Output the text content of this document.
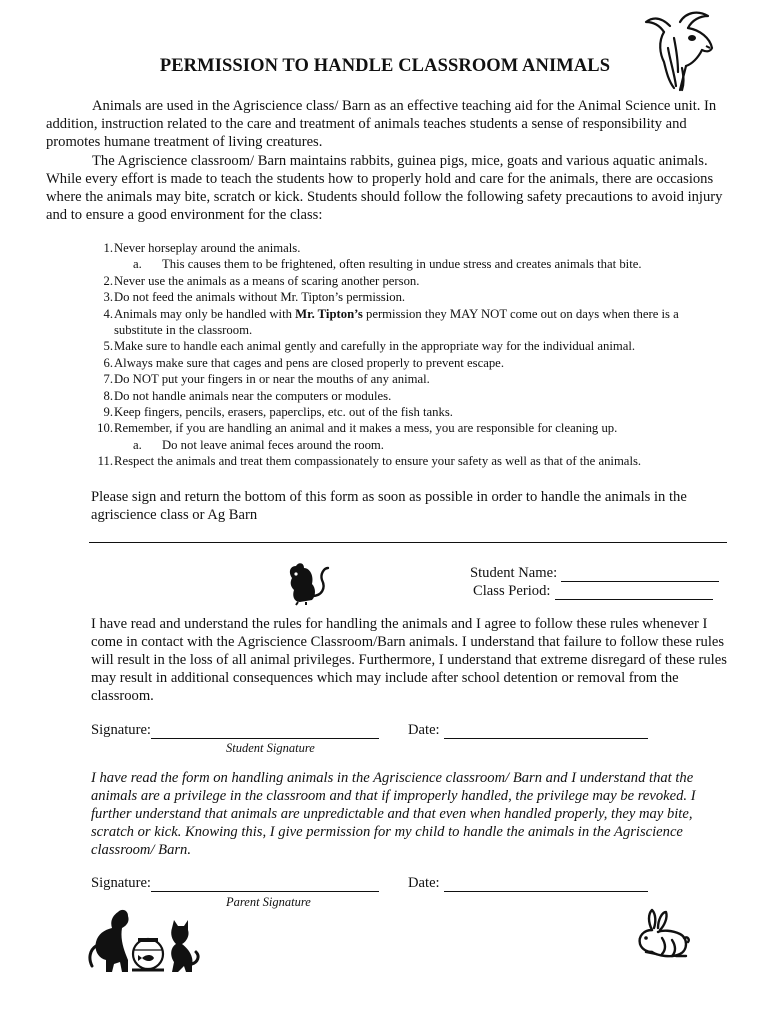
PERMISSION TO HANDLE CLASSROOM ANIMALS
Animals are used in the Agriscience class/ Barn as an effective teaching aid for the Animal Science unit. In addition, instruction related to the care and treatment of animals teaches students a sense of responsibility and promotes humane treatment of living creatures.
The Agriscience classroom/ Barn maintains rabbits, guinea pigs, mice, goats and various aquatic animals. While every effort is made to teach the students how to properly hold and care for the animals, there are occasions where the animals may bite, scratch or kick. Students should follow the following safety precautions to avoid injury and to ensure a good environment for the class:
1. Never horseplay around the animals.
a.	This causes them to be frightened, often resulting in undue stress and creates animals that bite.
2. Never use the animals as a means of scaring another person.
3. Do not feed the animals without Mr. Tipton’s permission.
4. Animals may only be handled with Mr. Tipton’s permission they MAY NOT come out on days when there is a substitute in the classroom.
5. Make sure to handle each animal gently and carefully in the appropriate way for the individual animal.
6. Always make sure that cages and pens are closed properly to prevent escape.
7. Do NOT put your fingers in or near the mouths of any animal.
8. Do not handle animals near the computers or modules.
9. Keep fingers, pencils, erasers, paperclips, etc. out of the fish tanks.
10. Remember, if you are handling an animal and it makes a mess, you are responsible for cleaning up.
a.	Do not leave animal feces around the room.
11. Respect the animals and treat them compassionately to ensure your safety as well as that of the animals.
Please sign and return the bottom of this form as soon as possible in order to handle the animals in the agriscience class or Ag Barn
Student Name:
Class Period:
I have read and understand the rules for handling the animals and I agree to follow these rules whenever I come in contact with the Agriscience Classroom/Barn animals. I understand that failure to follow these rules will result in the loss of all animal privileges. Furthermore, I understand that extreme disregard of these rules may result in additional consequences which may include after school detention or removal from the classroom.
Signature:	Date:
Student Signature
I have read the form on handling animals in the Agriscience classroom/ Barn and I understand that the animals are a privilege in the classroom and that if improperly handled, the privilege may be revoked. I further understand that animals are unpredictable and that even when handled properly, they may bite, scratch or kick. Knowing this, I give permission for my child to handle the animals in the Agriscience classroom/ Barn.
Signature:	Date:
Parent Signature
